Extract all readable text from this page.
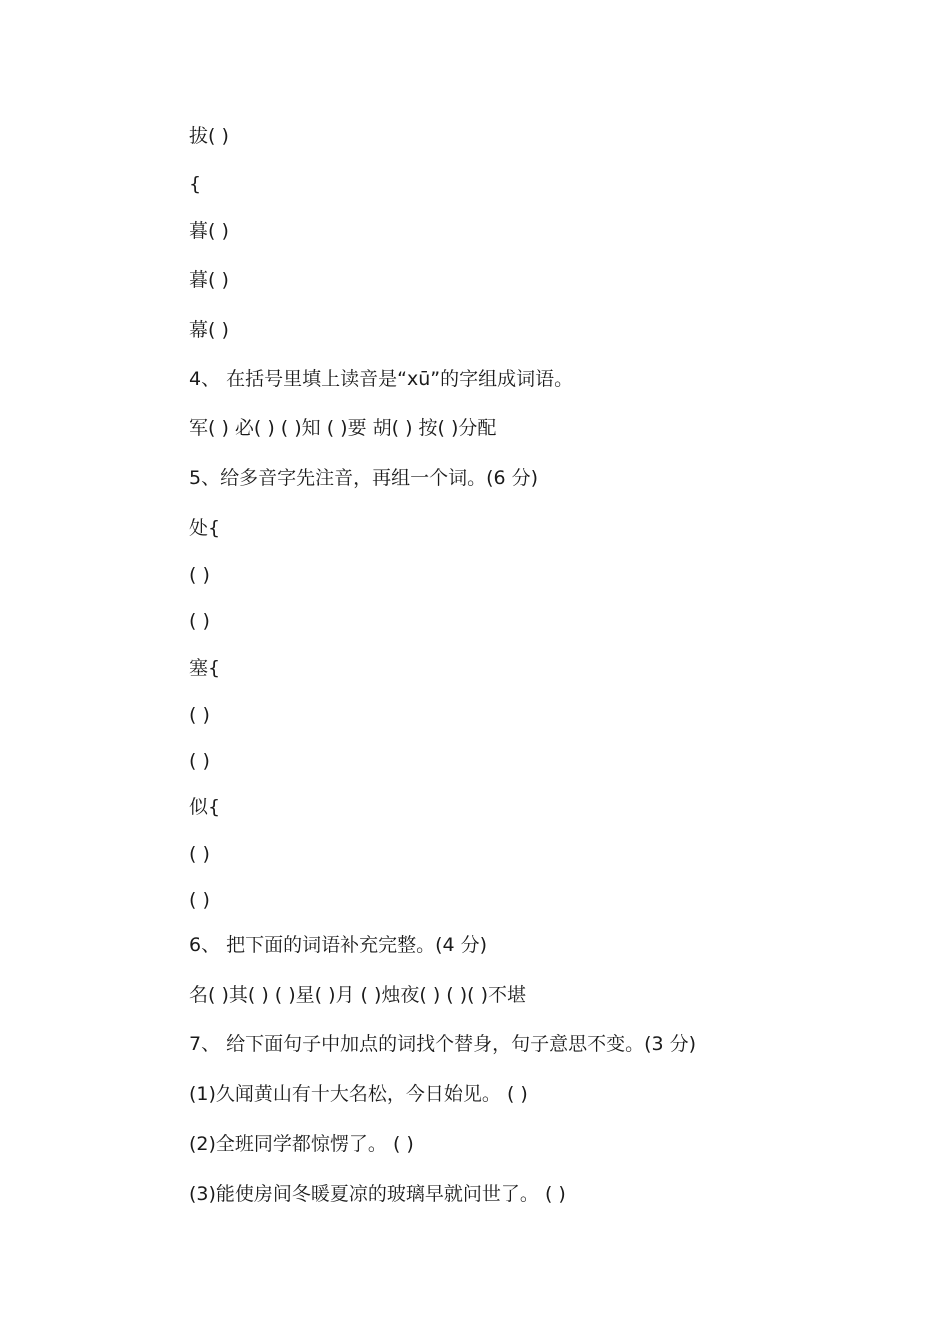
拔( )
{
暮( )
暮( )
幕( )
4、 在括号里填上读音是“xū”的字组成词语。
军( ) 必( ) ( )知 ( )要 胡( ) 按( )分配
5、给多音字先注音，再组一个词。(6 分)
处{
( )
( )
塞{
( )
( )
似{
( )
( )
6、 把下面的词语补充完整。(4 分)
名( )其( ) ( )星( )月 ( )烛夜( ) ( )( )不堪
7、 给下面句子中加点的词找个替身，句子意思不变。(3 分)
(1)久闻黄山有十大名松，今日始见。 ( )
(2)全班同学都惊愣了。 ( )
(3)能使房间冬暖夏凉的玻璃早就问世了。 ( )
